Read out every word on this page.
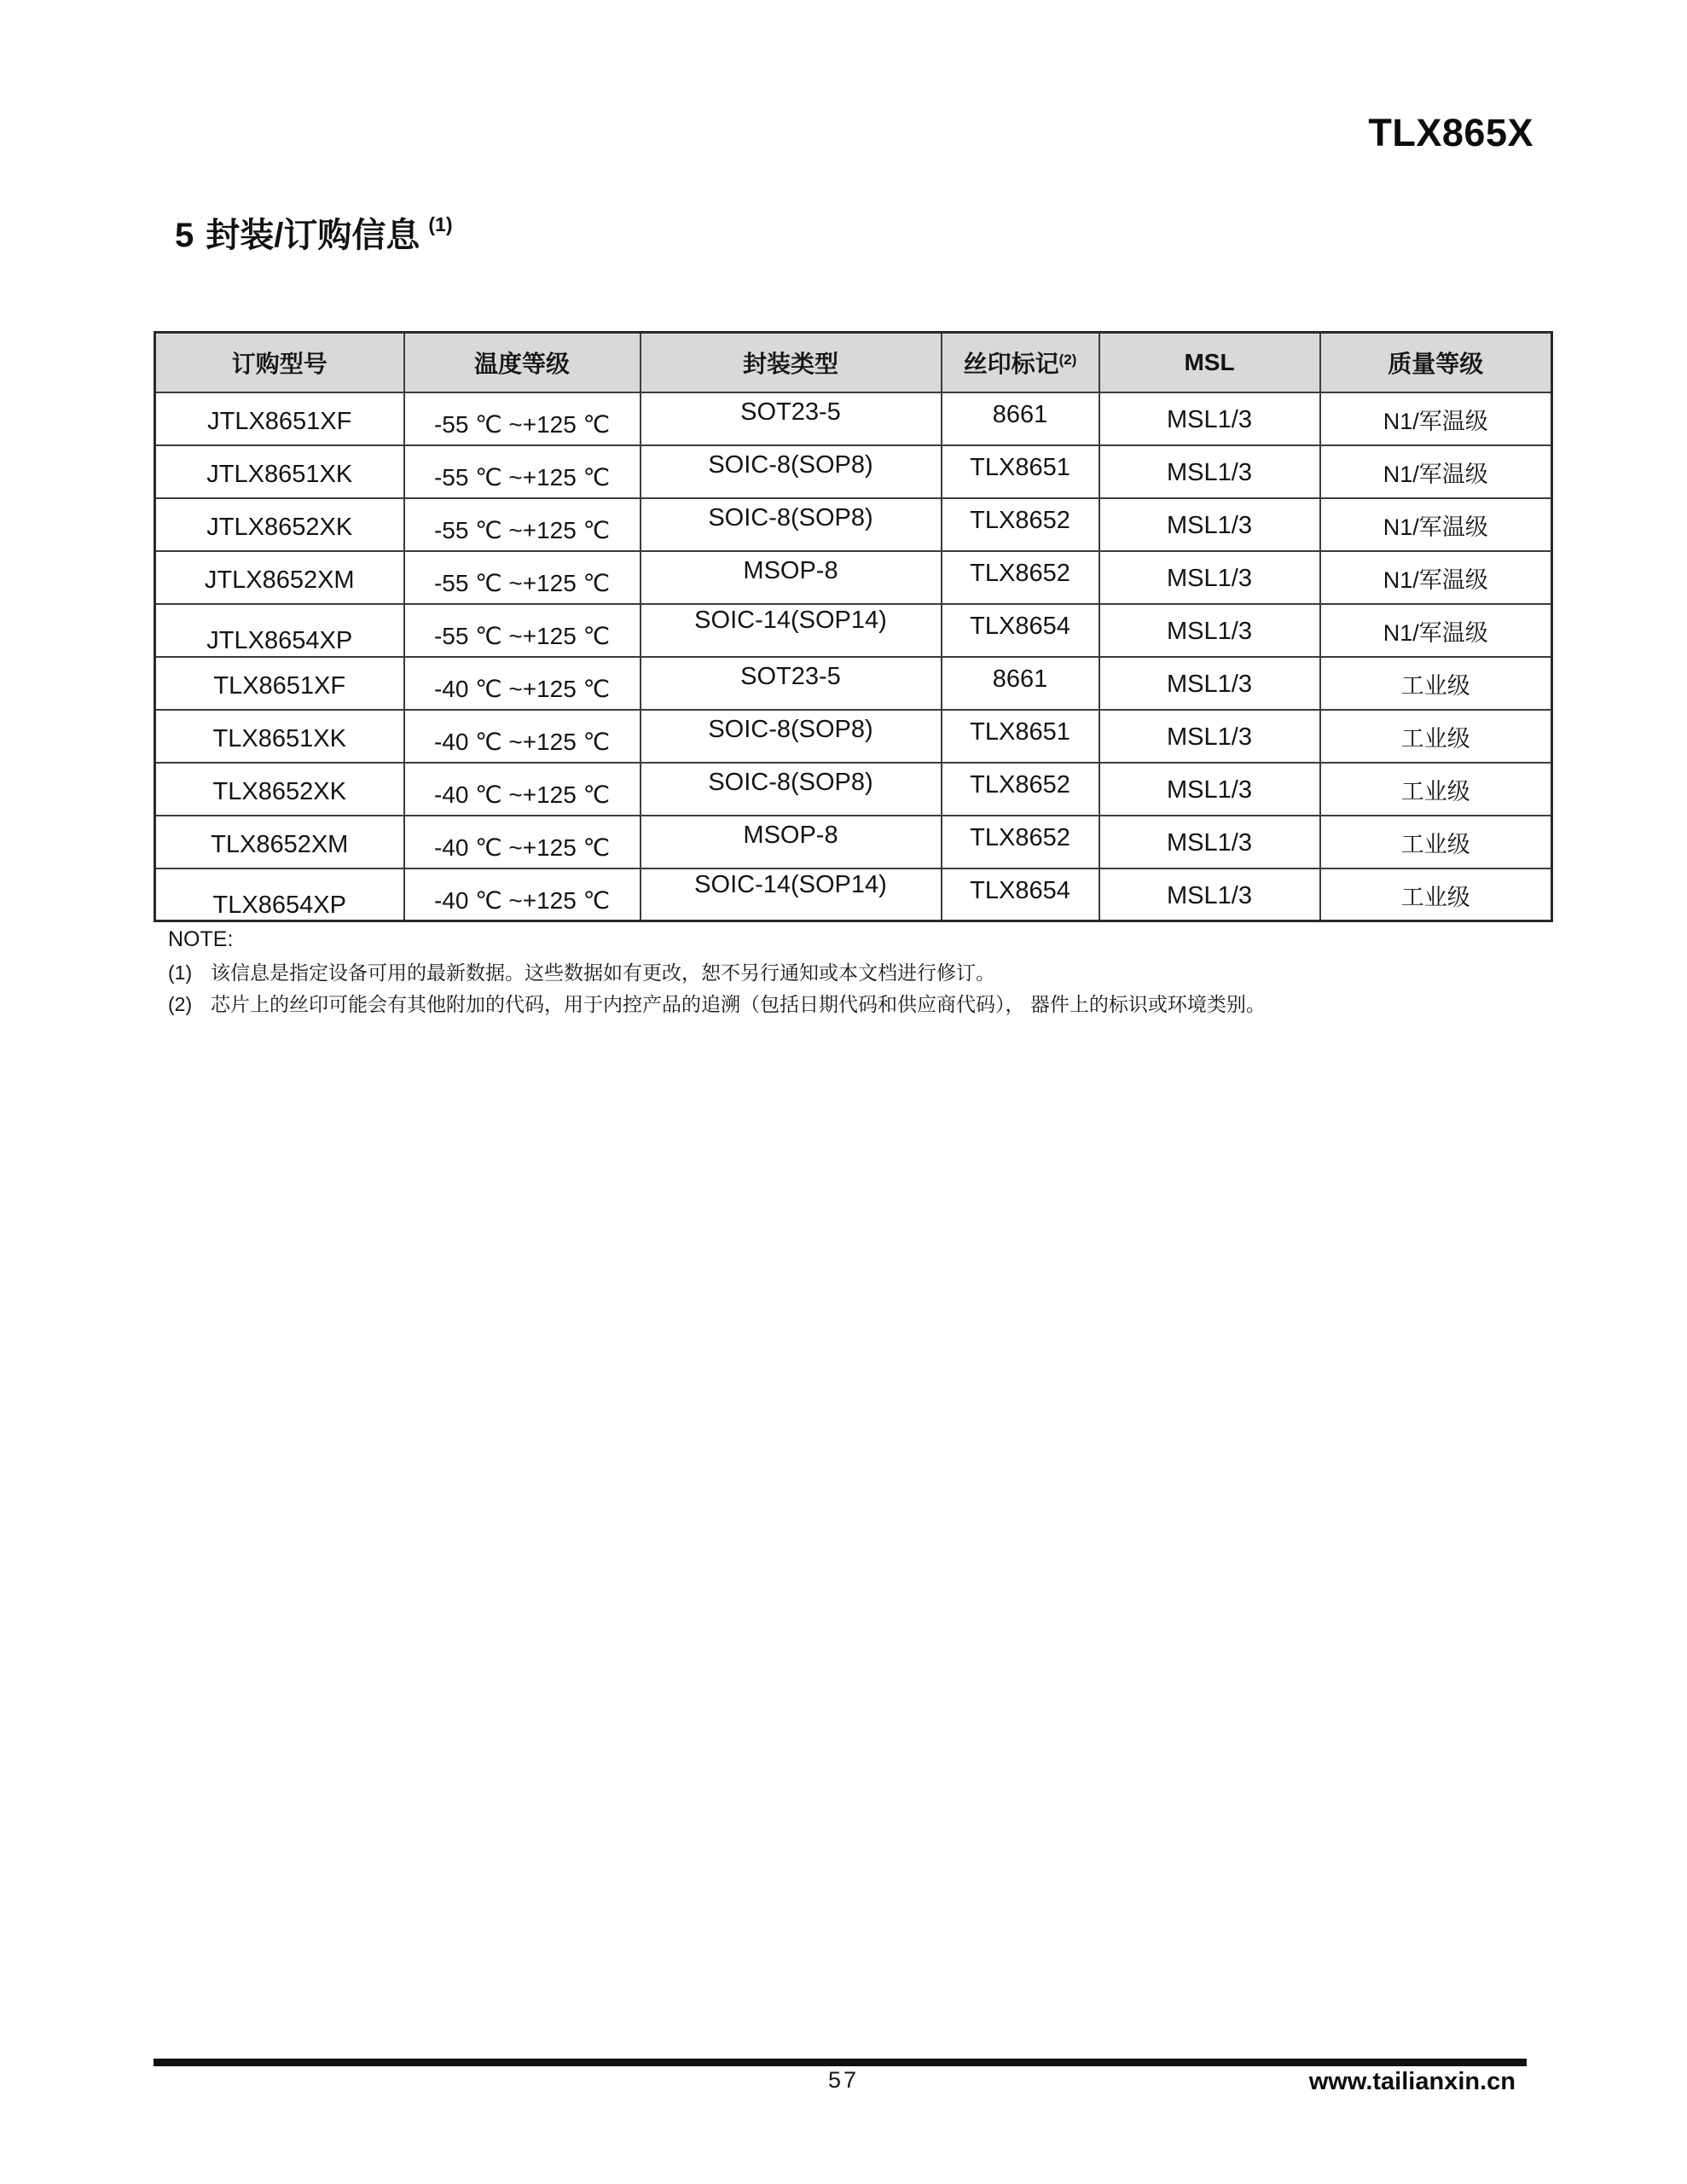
TLX865X
5 封装/订购信息 $^{(1)}$
订购型号	温度等级	封装类型	丝印标记$^{(2)}$	MSL	质量等级
JTLX8651XF	-55 ℃ ~+125 ℃	SOT23-5	8661	MSL1/3	N1/军温级
JTLX8651XK	-55 ℃ ~+125 ℃	SOIC-8(SOP8)	TLX8651	MSL1/3	N1/军温级
JTLX8652XK	-55 ℃ ~+125 ℃	SOIC-8(SOP8)	TLX8652	MSL1/3	N1/军温级
JTLX8652XM	-55 ℃ ~+125 ℃	MSOP-8	TLX8652	MSL1/3	N1/军温级
JTLX8654XP	-55 ℃ ~+125 ℃	SOIC-14(SOP14)	TLX8654	MSL1/3	N1/军温级
TLX8651XF	-40 ℃ ~+125 ℃	SOT23-5	8661	MSL1/3	工业级
TLX8651XK	-40 ℃ ~+125 ℃	SOIC-8(SOP8)	TLX8651	MSL1/3	工业级
TLX8652XK	-40 ℃ ~+125 ℃	SOIC-8(SOP8)	TLX8652	MSL1/3	工业级
TLX8652XM	-40 ℃ ~+125 ℃	MSOP-8	TLX8652	MSL1/3	工业级
TLX8654XP	-40 ℃ ~+125 ℃	SOIC-14(SOP14)	TLX8654	MSL1/3	工业级
NOTE:
(1) 该信息是指定设备可用的最新数据。这些数据如有更改，恕不另行通知或本文档进行修订。
(2) 芯片上的丝印可能会有其他附加的代码，用于内控产品的追溯（包括日期代码和供应商代码）， 器件上的标识或环境类别。
57	www.tailianxin.cn
